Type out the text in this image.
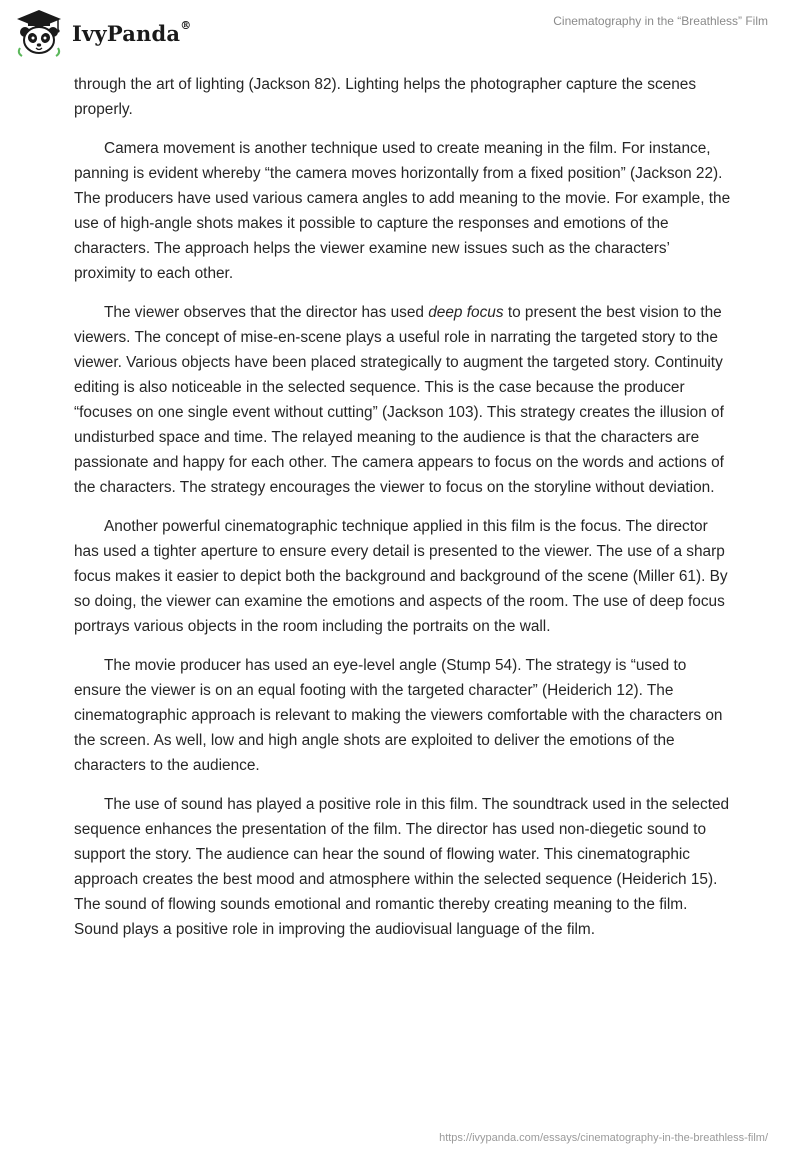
IvyPanda®	Cinematography in the “Breathless” Film

through the art of lighting (Jackson 82). Lighting helps the photographer capture the scenes properly.

Camera movement is another technique used to create meaning in the film. For instance, panning is evident whereby “the camera moves horizontally from a fixed position” (Jackson 22). The producers have used various camera angles to add meaning to the movie. For example, the use of high-angle shots makes it possible to capture the responses and emotions of the characters. The approach helps the viewer examine new issues such as the characters’ proximity to each other.

The viewer observes that the director has used deep focus to present the best vision to the viewers. The concept of mise-en-scene plays a useful role in narrating the targeted story to the viewer. Various objects have been placed strategically to augment the targeted story. Continuity editing is also noticeable in the selected sequence. This is the case because the producer “focuses on one single event without cutting” (Jackson 103). This strategy creates the illusion of undisturbed space and time. The relayed meaning to the audience is that the characters are passionate and happy for each other. The camera appears to focus on the words and actions of the characters. The strategy encourages the viewer to focus on the storyline without deviation.

Another powerful cinematographic technique applied in this film is the focus. The director has used a tighter aperture to ensure every detail is presented to the viewer. The use of a sharp focus makes it easier to depict both the background and background of the scene (Miller 61). By so doing, the viewer can examine the emotions and aspects of the room. The use of deep focus portrays various objects in the room including the portraits on the wall.

The movie producer has used an eye-level angle (Stump 54). The strategy is “used to ensure the viewer is on an equal footing with the targeted character” (Heiderich 12). The cinematographic approach is relevant to making the viewers comfortable with the characters on the screen. As well, low and high angle shots are exploited to deliver the emotions of the characters to the audience.

The use of sound has played a positive role in this film. The soundtrack used in the selected sequence enhances the presentation of the film. The director has used non-diegetic sound to support the story. The audience can hear the sound of flowing water. This cinematographic approach creates the best mood and atmosphere within the selected sequence (Heiderich 15). The sound of flowing sounds emotional and romantic thereby creating meaning to the film. Sound plays a positive role in improving the audiovisual language of the film.

https://ivypanda.com/essays/cinematography-in-the-breathless-film/
